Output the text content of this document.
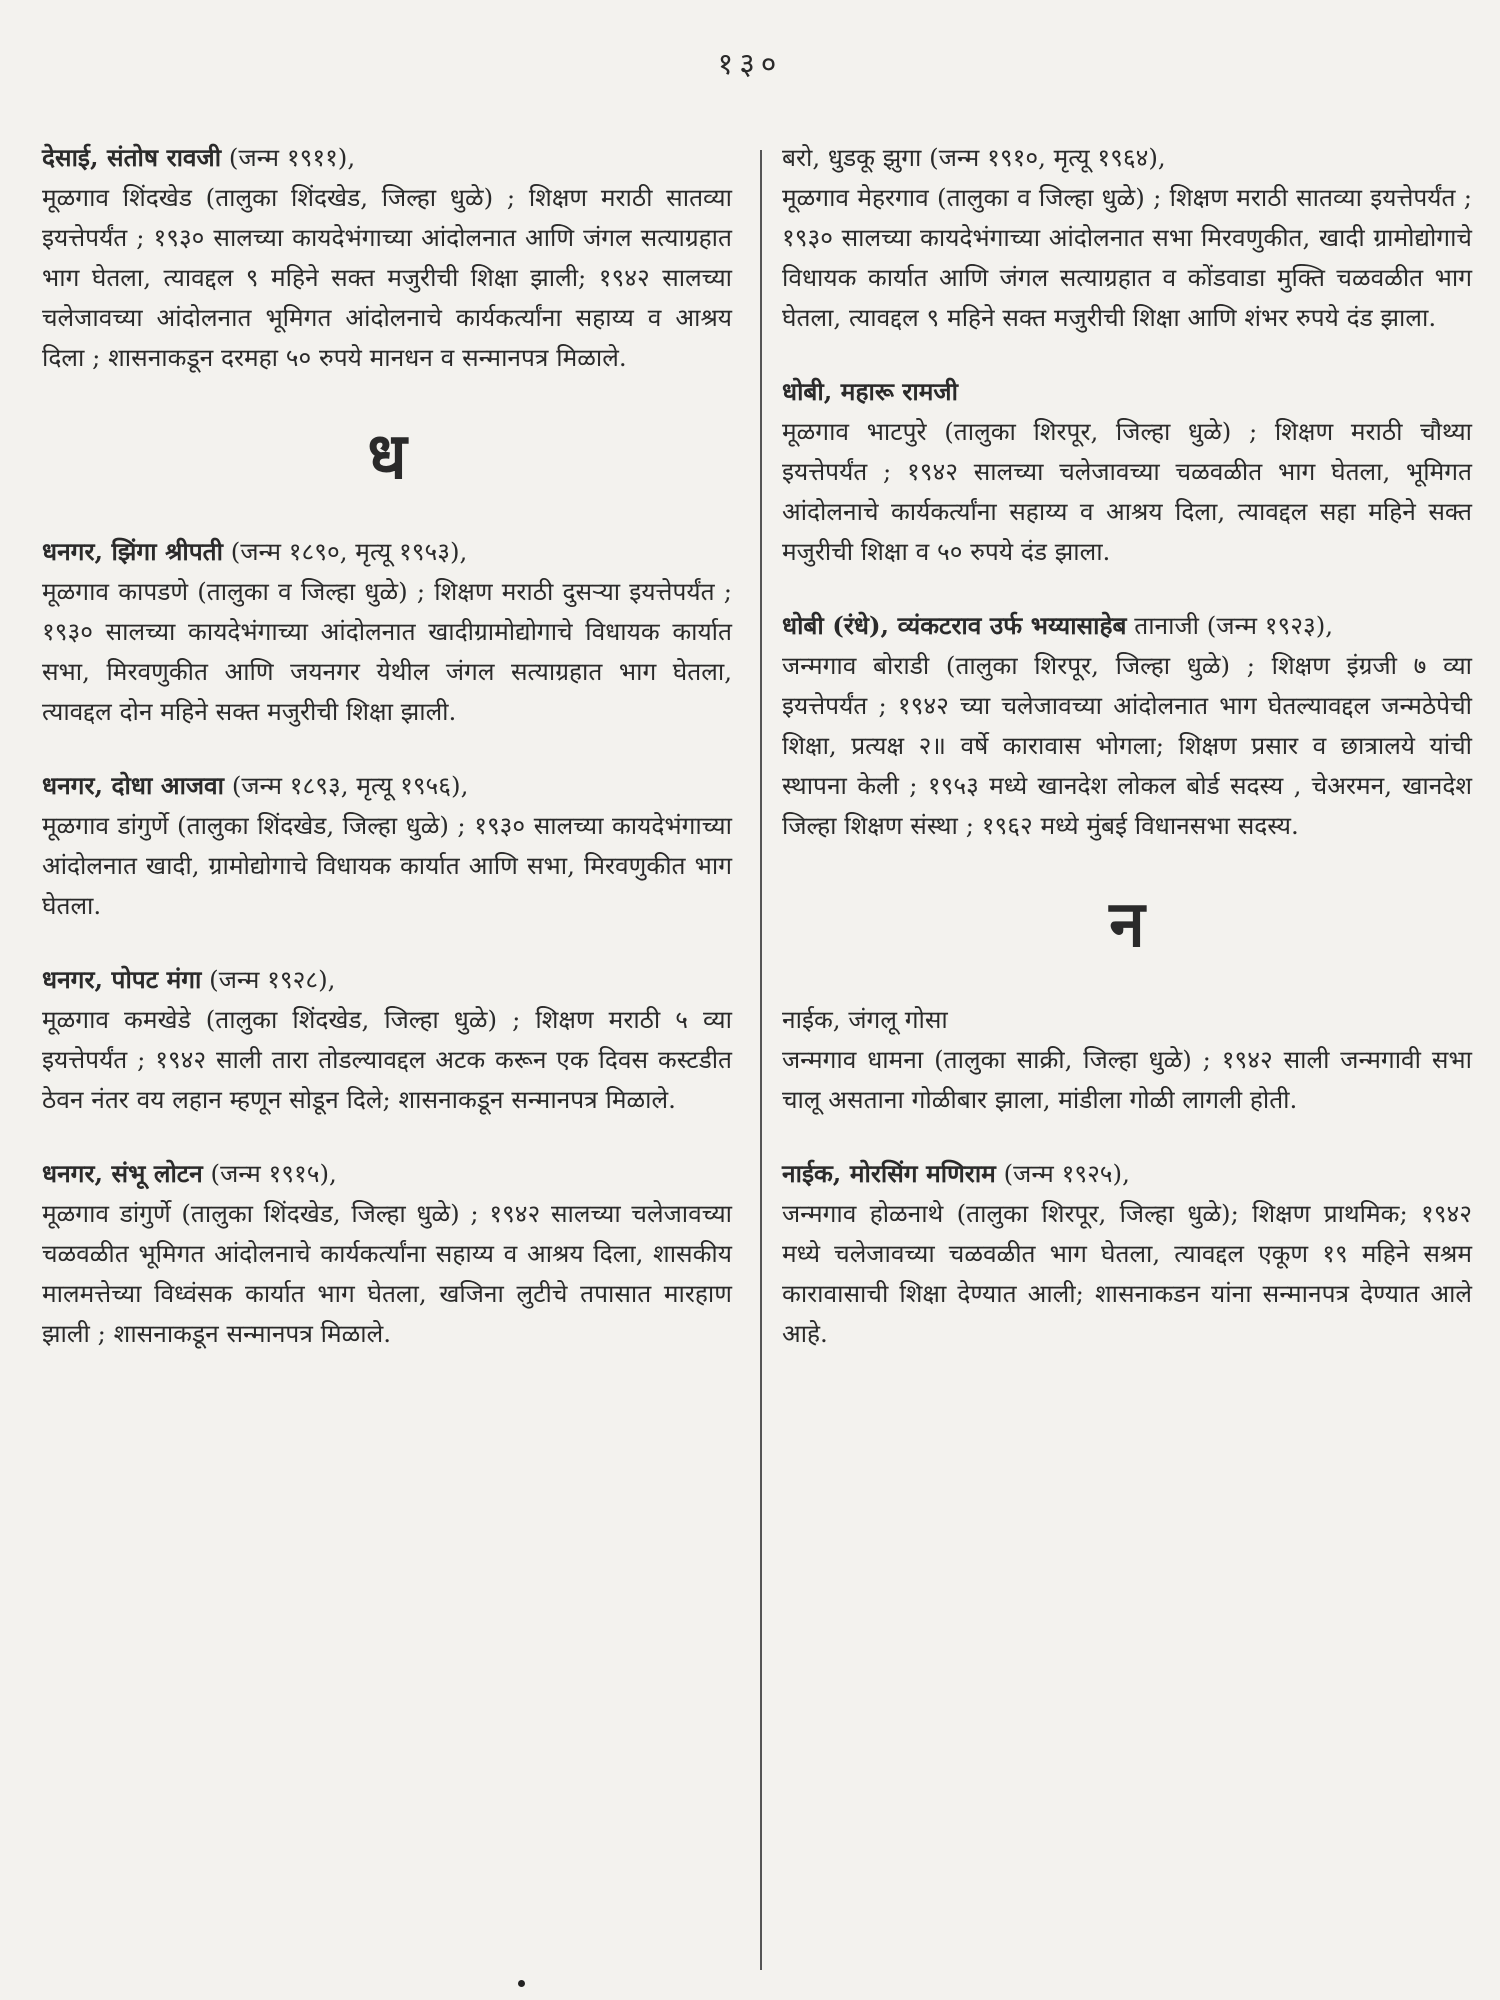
१३०

देसाई, संतोष रावजी (जन्म १९११),

मूळगाव शिंदखेड (तालुका शिंदखेड, जिल्हा धुळे) ; शिक्षण मराठी सातव्या इयत्तेपर्यंत ; १९३० सालच्या कायदेभंगाच्या आंदोलनात आणि जंगल सत्याग्रहात भाग घेतला, त्यावद्दल ९ महिने सक्त मजुरीची शिक्षा झाली; १९४२ सालच्या चलेजावच्या आंदोलनात भूमिगत आंदोलनाचे कार्यकर्त्यांना सहाय्य व आश्रय दिला ; शासनाकडून दरमहा ५० रुपये मानधन व सन्मानपत्र मिळाले.

ध

धनगर, झिंगा श्रीपती (जन्म १८९०, मृत्यू १९५३),

मूळगाव कापडणे (तालुका व जिल्हा धुळे) ; शिक्षण मराठी दुसऱ्या इयत्तेपर्यंत ; १९३० सालच्या कायदेभंगाच्या आंदोलनात खादीग्रामोद्योगाचे विधायक कार्यात सभा, मिरवणुकीत आणि जयनगर येथील जंगल सत्याग्रहात भाग घेतला, त्यावद्दल दोन महिने सक्त मजुरीची शिक्षा झाली.

धनगर, दोधा आजवा (जन्म १८९३, मृत्यू १९५६),

मूळगाव डांगुर्णे (तालुका शिंदखेड, जिल्हा धुळे) ; १९३० सालच्या कायदेभंगाच्या आंदोलनात खादी, ग्रामोद्योगाचे विधायक कार्यात आणि सभा, मिरवणुकीत भाग घेतला.

धनगर, पोपट मंगा (जन्म १९२८),

मूळगाव कमखेडे (तालुका शिंदखेड, जिल्हा धुळे) ; शिक्षण मराठी ५ व्या इयत्तेपर्यंत ; १९४२ साली तारा तोडल्यावद्दल अटक करून एक दिवस कस्टडीत ठेवन नंतर वय लहान म्हणून सोडून दिले; शासनाकडून सन्मानपत्र मिळाले.

धनगर, संभू लोटन (जन्म १९१५),

मूळगाव डांगुर्णे (तालुका शिंदखेड, जिल्हा धुळे) ; १९४२ सालच्या चलेजावच्या चळवळीत भूमिगत आंदोलनाचे कार्यकर्त्यांना सहाय्य व आश्रय दिला, शासकीय मालमत्तेच्या विध्वंसक कार्यात भाग घेतला, खजिना लुटीचे तपासात मारहाण झाली ; शासनाकडून सन्मानपत्र मिळाले.

बरो, धुडकू झुगा (जन्म १९१०, मृत्यू १९६४),

मूळगाव मेहरगाव (तालुका व जिल्हा धुळे) ; शिक्षण मराठी सातव्या इयत्तेपर्यंत ; १९३० सालच्या कायदेभंगाच्या आंदोलनात सभा मिरवणुकीत, खादी ग्रामोद्योगाचे विधायक कार्यात आणि जंगल सत्याग्रहात व कोंडवाडा मुक्ति चळवळीत भाग घेतला, त्यावद्दल ९ महिने सक्त मजुरीची शिक्षा आणि शंभर रुपये दंड झाला.

धोबी, महारू रामजी

मूळगाव भाटपुरे (तालुका शिरपूर, जिल्हा धुळे) ; शिक्षण मराठी चौथ्या इयत्तेपर्यंत ; १९४२ सालच्या चलेजावच्या चळवळीत भाग घेतला, भूमिगत आंदोलनाचे कार्यकर्त्यांना सहाय्य व आश्रय दिला, त्यावद्दल सहा महिने सक्त मजुरीची शिक्षा व ५० रुपये दंड झाला.

धोबी (रंधे), व्यंकटराव उर्फ भय्यासाहेब तानाजी (जन्म १९२३),

जन्मगाव बोराडी (तालुका शिरपूर, जिल्हा धुळे) ; शिक्षण इंग्रजी ७ व्या इयत्तेपर्यंत ; १९४२ च्या चलेजावच्या आंदोलनात भाग घेतल्यावद्दल जन्मठेपेची शिक्षा, प्रत्यक्ष २॥ वर्षे कारावास भोगला; शिक्षण प्रसार व छात्रालये यांची स्थापना केली ; १९५३ मध्ये खानदेश लोकल बोर्ड सदस्य , चेअरमन, खानदेश जिल्हा शिक्षण संस्था ; १९६२ मध्ये मुंबई विधानसभा सदस्य.

न

नाईक, जंगलू गोसा

जन्मगाव धामना (तालुका साक्री, जिल्हा धुळे) ; १९४२ साली जन्मगावी सभा चालू असताना गोळीबार झाला, मांडीला गोळी लागली होती.

नाईक, मोरसिंग मणिराम (जन्म १९२५),

जन्मगाव होळनाथे (तालुका शिरपूर, जिल्हा धुळे); शिक्षण प्राथमिक; १९४२ मध्ये चलेजावच्या चळवळीत भाग घेतला, त्यावद्दल एकूण १९ महिने सश्रम कारावासाची शिक्षा देण्यात आली; शासनाकडन यांना सन्मानपत्र देण्यात आले आहे.
